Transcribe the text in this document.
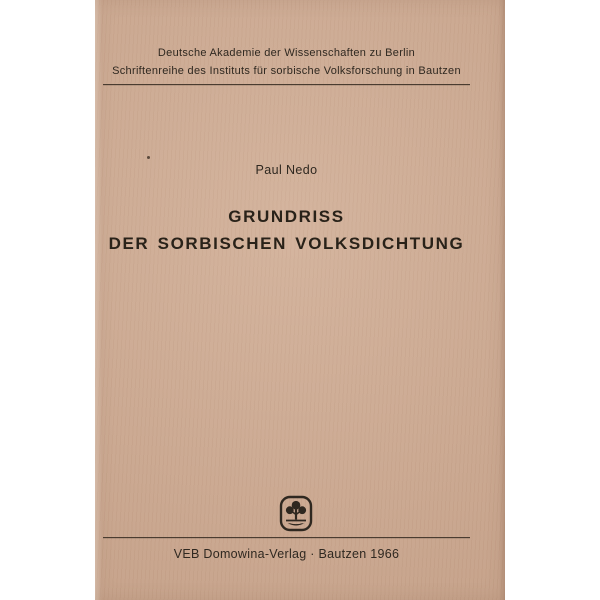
Deutsche Akademie der Wissenschaften zu Berlin
Schriftenreihe des Instituts für sorbische Volksforschung in Bautzen
Paul Nedo
GRUNDRISS
DER SORBISCHEN VOLKSDICHTUNG
VEB Domowina-Verlag · Bautzen 1966
